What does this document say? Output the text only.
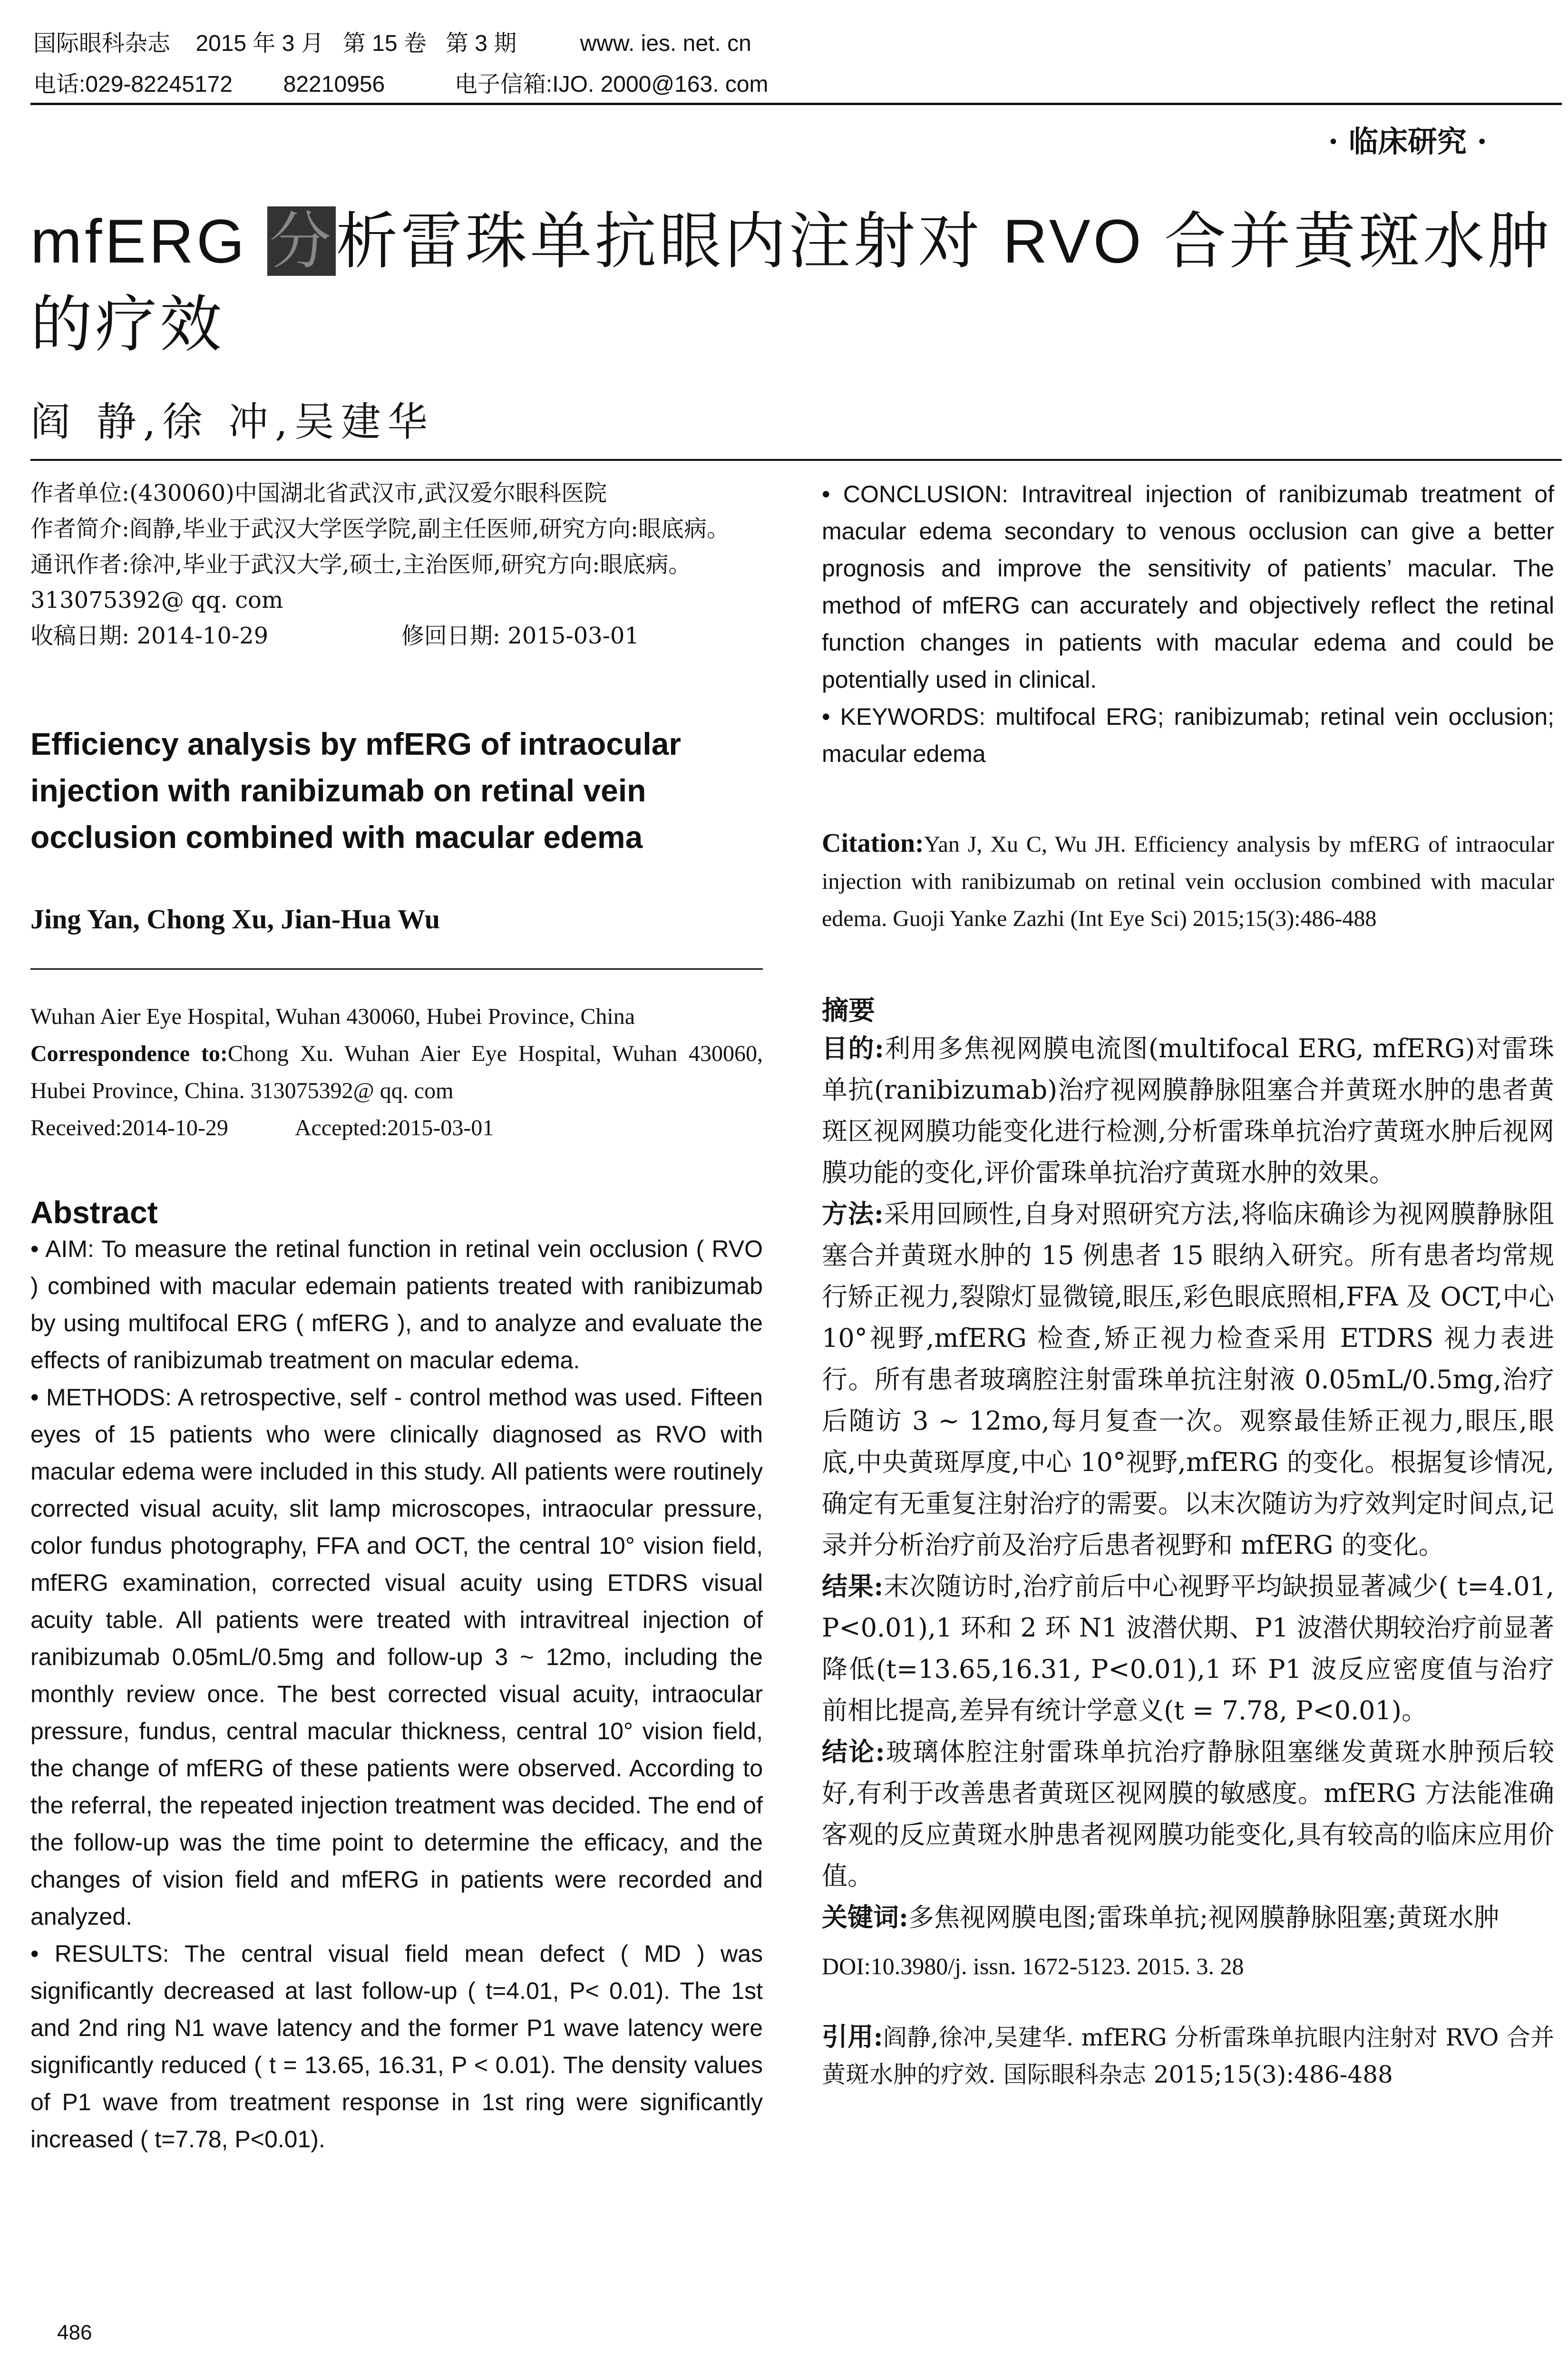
国际眼科杂志    2015 年 3 月   第 15 卷   第 3 期          www. ies. net. cn
电话:029-82245172        82210956           电子信箱:IJO. 2000@163. com
· 临床研究 ·
mfERG 分析雷珠单抗眼内注射对 RVO 合并黄斑水肿的疗效
阎 静,徐 冲,吴建华
作者单位:(430060)中国湖北省武汉市,武汉爱尔眼科医院
作者简介:阎静,毕业于武汉大学医学院,副主任医师,研究方向:眼底病。
通讯作者:徐冲,毕业于武汉大学,硕士,主治医师,研究方向:眼底病。313075392@ qq. com
收稿日期: 2014-10-29	修回日期: 2015-03-01
Efficiency analysis by mfERG of intraocular injection with ranibizumab on retinal vein occlusion combined with macular edema
Jing Yan, Chong Xu, Jian-Hua Wu
Wuhan Aier Eye Hospital, Wuhan 430060, Hubei Province, China
Correspondence to:Chong Xu. Wuhan Aier Eye Hospital, Wuhan 430060, Hubei Province, China. 313075392@ qq. com
Received:2014-10-29	Accepted:2015-03-01
Abstract

• AIM: To measure the retinal function in retinal vein occlusion ( RVO ) combined with macular edemain patients treated with ranibizumab by using multifocal ERG ( mfERG ), and to analyze and evaluate the effects of ranibizumab treatment on macular edema.

• METHODS: A retrospective, self - control method was used. Fifteen eyes of 15 patients who were clinically diagnosed as RVO with macular edema were included in this study. All patients were routinely corrected visual acuity, slit lamp microscopes, intraocular pressure, color fundus photography, FFA and OCT, the central 10° vision field, mfERG examination, corrected visual acuity using ETDRS visual acuity table. All patients were treated with intravitreal injection of ranibizumab 0.05mL/0.5mg and follow-up 3 ~ 12mo, including the monthly review once. The best corrected visual acuity, intraocular pressure, fundus, central macular thickness, central 10° vision field, the change of mfERG of these patients were observed. According to the referral, the repeated injection treatment was decided. The end of the follow-up was the time point to determine the efficacy, and the changes of vision field and mfERG in patients were recorded and analyzed.

• RESULTS: The central visual field mean defect ( MD ) was significantly decreased at last follow-up ( t=4.01, P< 0.01). The 1st and 2nd ring N1 wave latency and the former P1 wave latency were significantly reduced ( t = 13.65, 16.31, P < 0.01). The density values of P1 wave from treatment response in 1st ring were significantly increased ( t=7.78, P<0.01).

• CONCLUSION: Intravitreal injection of ranibizumab treatment of macular edema secondary to venous occlusion can give a better prognosis and improve the sensitivity of patients’ macular. The method of mfERG can accurately and objectively reflect the retinal function changes in patients with macular edema and could be potentially used in clinical.

• KEYWORDS: multifocal ERG; ranibizumab; retinal vein occlusion; macular edema

Citation:Yan J, Xu C, Wu JH. Efficiency analysis by mfERG of intraocular injection with ranibizumab on retinal vein occlusion combined with macular edema. Guoji Yanke Zazhi (Int Eye Sci) 2015;15(3):486-488
摘要

目的:利用多焦视网膜电流图(multifocal ERG, mfERG)对雷珠单抗(ranibizumab)治疗视网膜静脉阻塞合并黄斑水肿的患者黄斑区视网膜功能变化进行检测,分析雷珠单抗治疗黄斑水肿后视网膜功能的变化,评价雷珠单抗治疗黄斑水肿的效果。

方法:采用回顾性,自身对照研究方法,将临床确诊为视网膜静脉阻塞合并黄斑水肿的 15 例患者 15 眼纳入研究。所有患者均常规行矫正视力,裂隙灯显微镜,眼压,彩色眼底照相,FFA 及 OCT,中心 10°视野,mfERG 检查,矫正视力检查采用 ETDRS 视力表进行。所有患者玻璃腔注射雷珠单抗注射液 0.05mL/0.5mg,治疗后随访 3 ~ 12mo,每月复查一次。观察最佳矫正视力,眼压,眼底,中央黄斑厚度,中心 10°视野,mfERG 的变化。根据复诊情况,确定有无重复注射治疗的需要。以末次随访为疗效判定时间点,记录并分析治疗前及治疗后患者视野和 mfERG 的变化。

结果:末次随访时,治疗前后中心视野平均缺损显著减少( t=4.01, P<0.01),1 环和 2 环 N1 波潜伏期、P1 波潜伏期较治疗前显著降低(t=13.65,16.31, P<0.01),1 环 P1 波反应密度值与治疗前相比提高,差异有统计学意义(t = 7.78, P<0.01)。

结论:玻璃体腔注射雷珠单抗治疗静脉阻塞继发黄斑水肿预后较好,有利于改善患者黄斑区视网膜的敏感度。mfERG 方法能准确客观的反应黄斑水肿患者视网膜功能变化,具有较高的临床应用价值。

关键词:多焦视网膜电图;雷珠单抗;视网膜静脉阻塞;黄斑水肿

DOI:10.3980/j. issn. 1672-5123. 2015. 3. 28
引用:阎静,徐冲,吴建华. mfERG 分析雷珠单抗眼内注射对 RVO 合并黄斑水肿的疗效. 国际眼科杂志 2015;15(3):486-488
486
